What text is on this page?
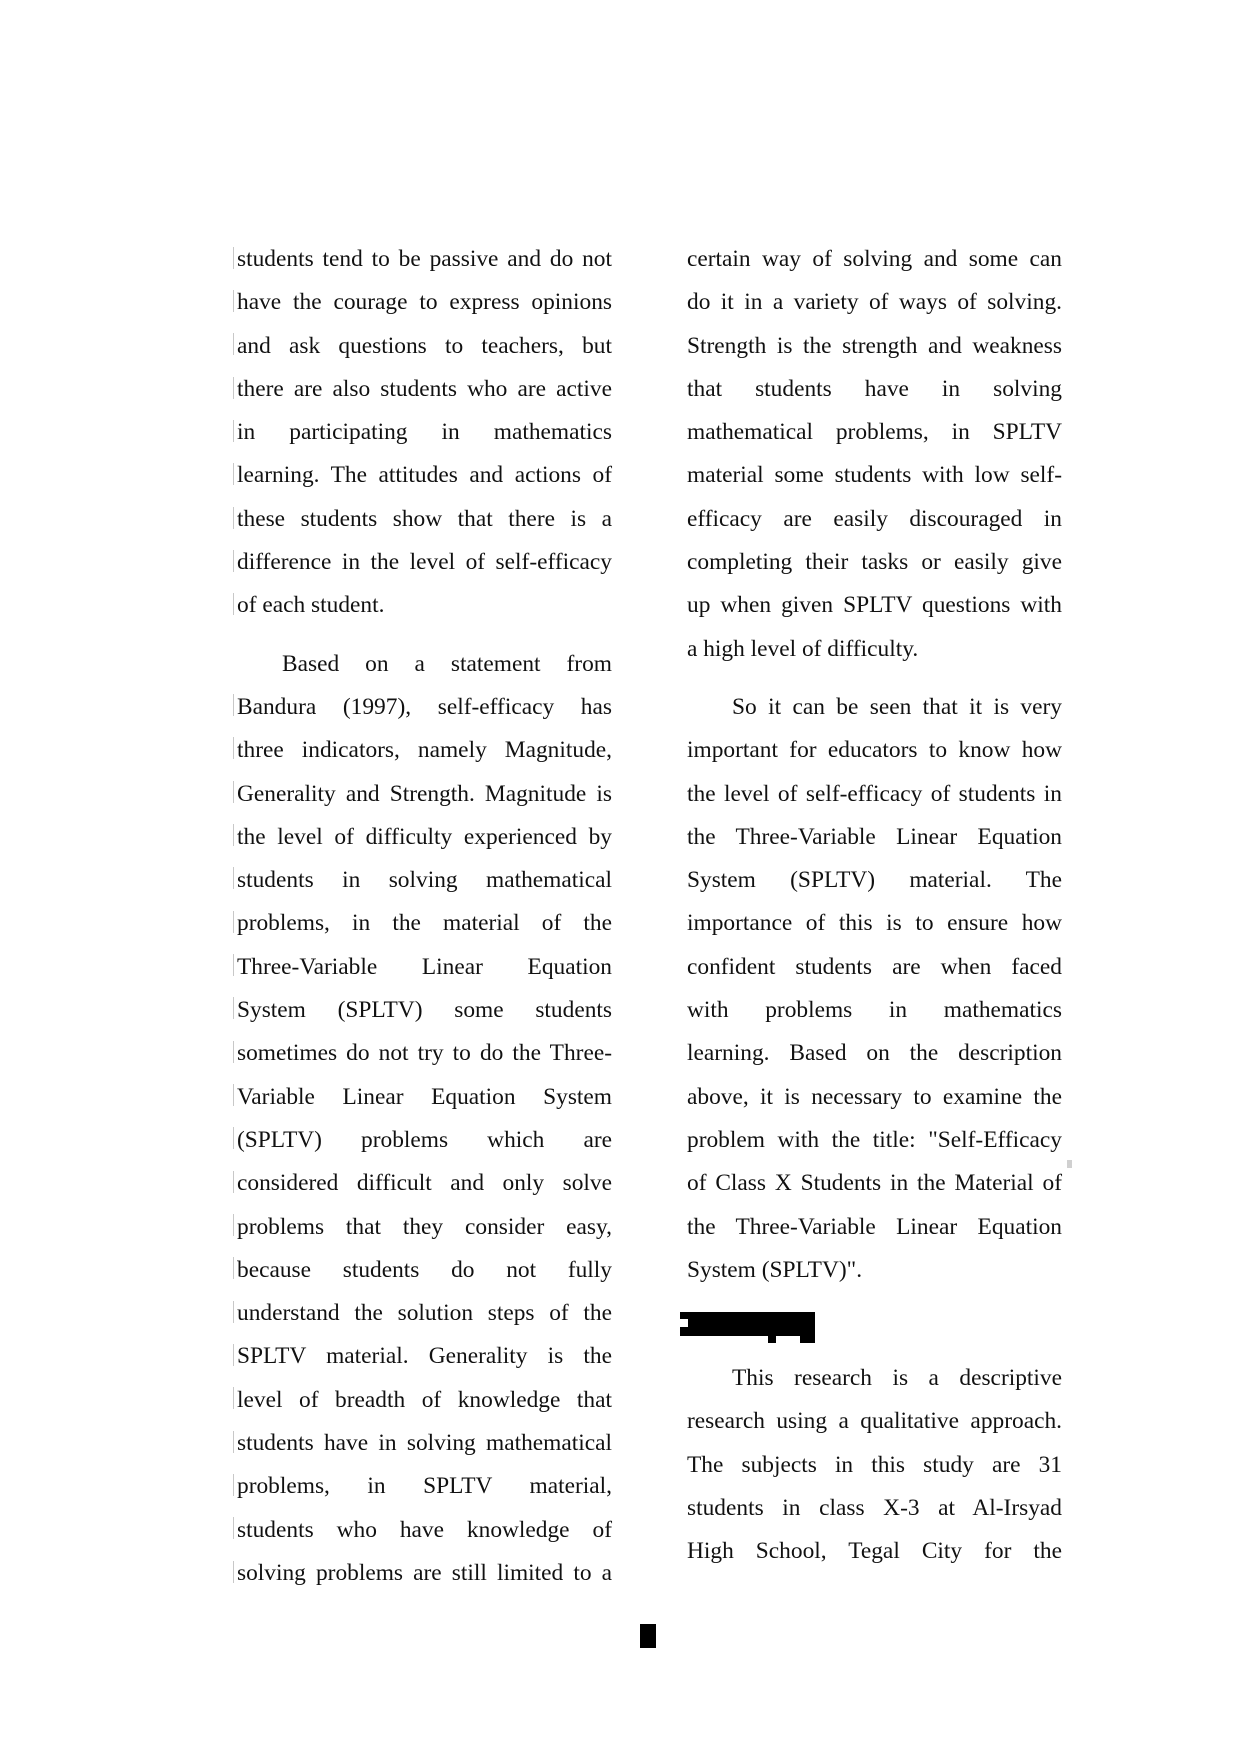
students tend to be passive and do not
have the courage to express opinions
and ask questions to teachers, but
there are also students who are active
in participating in mathematics
learning. The attitudes and actions of
these students show that there is a
difference in the level of self-efficacy
of each student.

Based on a statement from
Bandura (1997), self-efficacy has
three indicators, namely Magnitude,
Generality and Strength. Magnitude is
the level of difficulty experienced by
students in solving mathematical
problems, in the material of the
Three-Variable Linear Equation
System (SPLTV) some students
sometimes do not try to do the Three-
Variable Linear Equation System
(SPLTV) problems which are
considered difficult and only solve
problems that they consider easy,
because students do not fully
understand the solution steps of the
SPLTV material. Generality is the
level of breadth of knowledge that
students have in solving mathematical
problems, in SPLTV material,
students who have knowledge of
solving problems are still limited to a

certain way of solving and some can
do it in a variety of ways of solving.
Strength is the strength and weakness
that students have in solving
mathematical problems, in SPLTV
material some students with low self-
efficacy are easily discouraged in
completing their tasks or easily give
up when given SPLTV questions with
a high level of difficulty.

So it can be seen that it is very
important for educators to know how
the level of self-efficacy of students in
the Three-Variable Linear Equation
System (SPLTV) material. The
importance of this is to ensure how
confident students are when faced
with problems in mathematics
learning. Based on the description
above, it is necessary to examine the
problem with the title: "Self-Efficacy
of Class X Students in the Material of
the Three-Variable Linear Equation
System (SPLTV)".

This research is a descriptive
research using a qualitative approach.
The subjects in this study are 31
students in class X-3 at Al-Irsyad
High School, Tegal City for the
